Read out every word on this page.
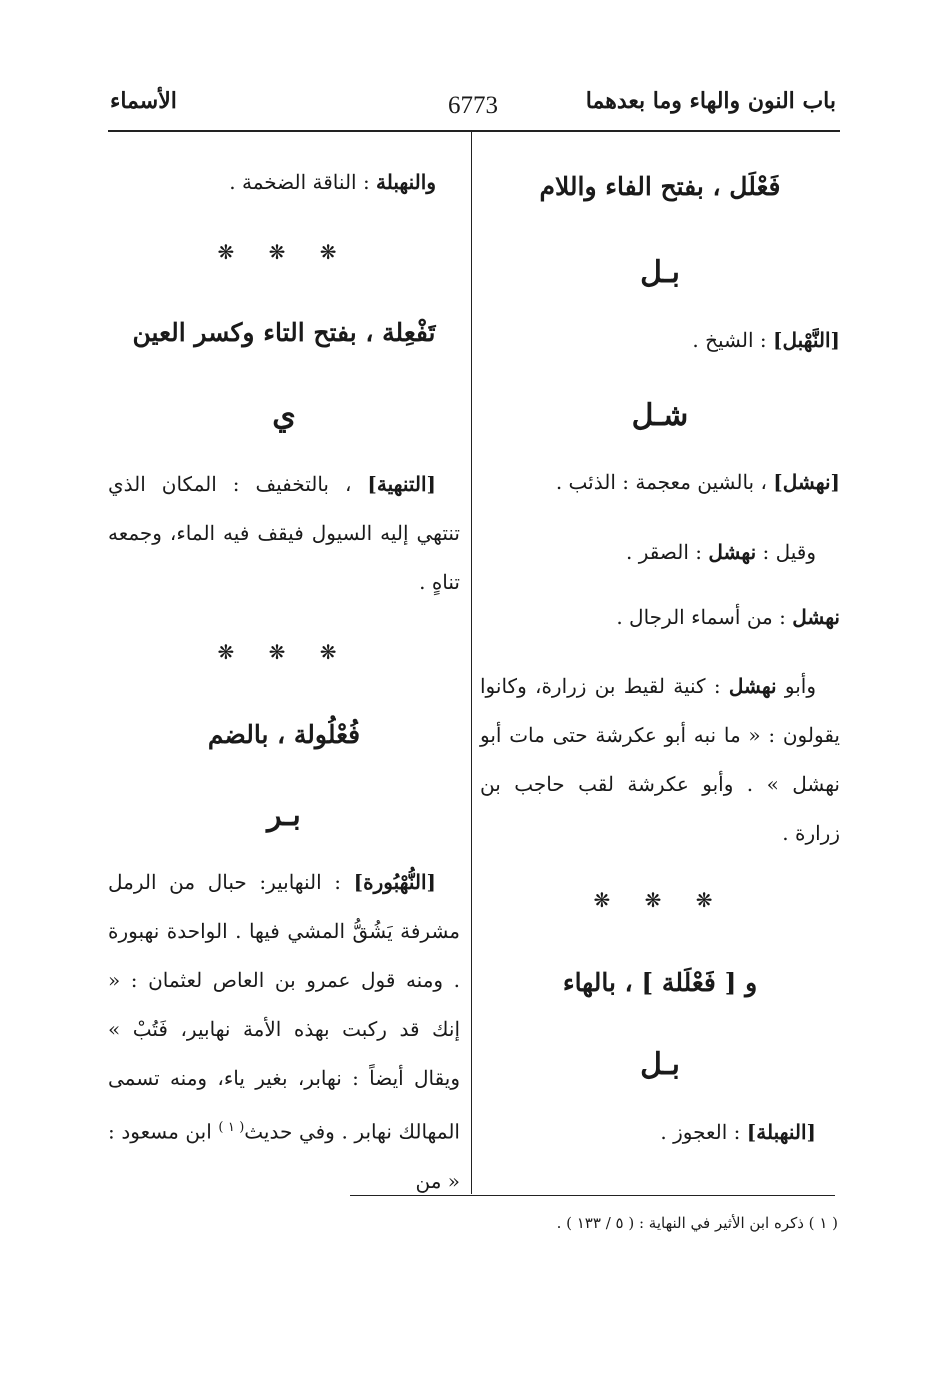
باب النون والهاء وما بعدهما
6773
الأسماء
فَعْلَل ، بفتح الفاء واللام
بـل
[النَّهْبل] : الشيخ .
شـل
[نهشل] ، بالشين معجمة : الذئب .
وقيل : نهشل : الصقر .
نهشل : من أسماء الرجال .
وأبو نهشل : كنية لقيط بن زرارة، وكانوا يقولون : « ما نبه أبو عكرشة حتى مات أبو نهشل » . وأبو عكرشة لقب حاجب بن زرارة .
❋ ❋ ❋
و [ فَعْلَلة ] ، بالهاء
بـل
[النهبلة] : العجوز .
والنهبلة : الناقة الضخمة .
❋ ❋ ❋
تَفْعِلة ، بفتح التاء وكسر العين
ي
[التنهية] ، بالتخفيف : المكان الذي تنتهي إليه السيول فيقف فيه الماء، وجمعه تناهٍ .
❋ ❋ ❋
فُعْلُولة ، بالضم
بـر
[النُّهْبُورة] : النهابير: حبال من الرمل مشرفة يَشُقُّ المشي فيها . الواحدة نهبورة . ومنه قول عمرو بن العاص لعثمان : « إنك قد ركبت بهذه الأمة نهابير، فَتُبْ » ويقال أيضاً : نهابر، بغير ياء، ومنه تسمى المهالك نهابر . وفي حديث$^{( ١ )}$ ابن مسعود : « من
( ١ ) ذكره ابن الأثير في النهاية : ( ٥ / ١٣٣ ) .
